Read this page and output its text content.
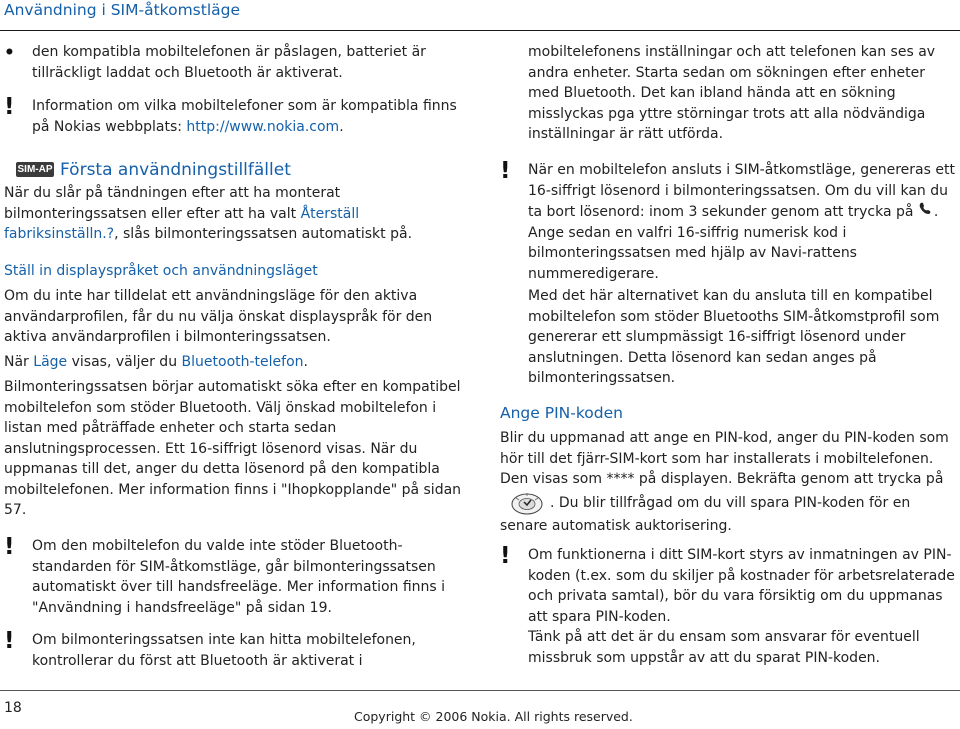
Användning i SIM-åtkomstläge
• den kompatibla mobiltelefonen är påslagen, batteriet är tillräckligt laddat och Bluetooth är aktiverat.

! Information om vilka mobiltelefoner som är kompatibla finns på Nokias webbplats: http://www.nokia.com.

SIM-AP Första användningstillfället

När du slår på tändningen efter att ha monterat bilmonteringssatsen eller efter att ha valt Återställ fabriksinställn.?, slås bilmonteringssatsen automatiskt på.

Ställ in displayspråket och användningsläget

Om du inte har tilldelat ett användningsläge för den aktiva användarprofilen, får du nu välja önskat displayspråk för den aktiva användarprofilen i bilmonteringssatsen.

När Läge visas, väljer du Bluetooth-telefon.

Bilmonteringssatsen börjar automatiskt söka efter en kompatibel mobiltelefon som stöder Bluetooth. Välj önskad mobiltelefon i listan med påträffade enheter och starta sedan anslutningsprocessen. Ett 16-siffrigt lösenord visas. När du uppmanas till det, anger du detta lösenord på den kompatibla mobiltelefonen. Mer information finns i "Ihopkopplande" på sidan 57.

! Om den mobiltelefon du valde inte stöder Bluetooth-standarden för SIM-åtkomstläge, går bilmonteringssatsen automatiskt över till handsfreeläge. Mer information finns i "Användning i handsfreeläge" på sidan 19.

! Om bilmonteringssatsen inte kan hitta mobiltelefonen, kontrollerar du först att Bluetooth är aktiverat i

mobiltelefonens inställningar och att telefonen kan ses av andra enheter. Starta sedan om sökningen efter enheter med Bluetooth. Det kan ibland hända att en sökning misslyckas pga yttre störningar trots att alla nödvändiga inställningar är rätt utförda.

! När en mobiltelefon ansluts i SIM-åtkomstläge, genereras ett 16-siffrigt lösenord i bilmonteringssatsen. Om du vill kan du ta bort lösenord: inom 3 sekunder genom att trycka på . Ange sedan en valfri 16-siffrig numerisk kod i bilmonteringssatsen med hjälp av Navi-rattens nummeredigerare.

Med det här alternativet kan du ansluta till en kompatibel mobiltelefon som stöder Bluetooths SIM-åtkomstprofil som genererar ett slumpmässigt 16-siffrigt lösenord under anslutningen. Detta lösenord kan sedan anges på bilmonteringssatsen.

Ange PIN-koden

Blir du uppmanad att ange en PIN-kod, anger du PIN-koden som hör till det fjärr-SIM-kort som har installerats i mobiltelefonen. Den visas som **** på displayen. Bekräfta genom att trycka på . Du blir tillfrågad om du vill spara PIN-koden för en senare automatisk auktorisering.

! Om funktionerna i ditt SIM-kort styrs av inmatningen av PIN-koden (t.ex. som du skiljer på kostnader för arbetsrelaterade och privata samtal), bör du vara försiktig om du uppmanas att spara PIN-koden.

Tänk på att det är du ensam som ansvarar för eventuell missbruk som uppstår av att du sparat PIN-koden.

18
Copyright © 2006 Nokia. All rights reserved.
